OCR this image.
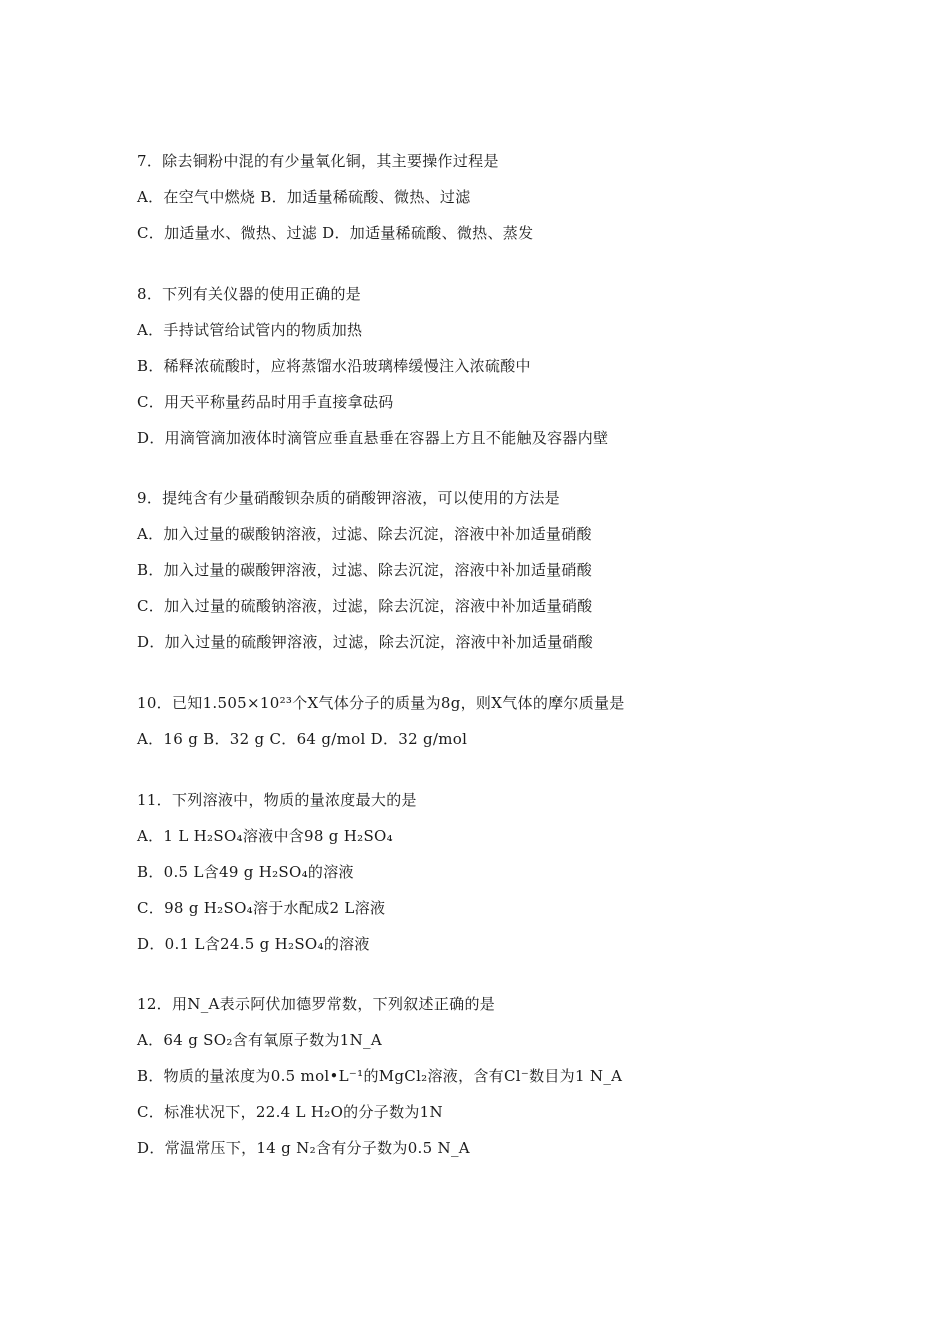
7．除去铜粉中混的有少量氧化铜，其主要操作过程是
A．在空气中燃烧 B．加适量稀硫酸、微热、过滤
C．加适量水、微热、过滤 D．加适量稀硫酸、微热、蒸发
8．下列有关仪器的使用正确的是
A．手持试管给试管内的物质加热
B．稀释浓硫酸时，应将蒸馏水沿玻璃棒缓慢注入浓硫酸中
C．用天平称量药品时用手直接拿砝码
D．用滴管滴加液体时滴管应垂直悬垂在容器上方且不能触及容器内壁
9．提纯含有少量硝酸钡杂质的硝酸钾溶液，可以使用的方法是
A．加入过量的碳酸钠溶液，过滤、除去沉淀，溶液中补加适量硝酸
B．加入过量的碳酸钾溶液，过滤、除去沉淀，溶液中补加适量硝酸
C．加入过量的硫酸钠溶液，过滤，除去沉淀，溶液中补加适量硝酸
D．加入过量的硫酸钾溶液，过滤，除去沉淀，溶液中补加适量硝酸
10．已知1.505×10²³个X气体分子的质量为8g，则X气体的摩尔质量是
A．16 g B．32 g C．64 g/mol D．32 g/mol
11．下列溶液中，物质的量浓度最大的是
A．1 L H₂SO₄溶液中含98 g H₂SO₄
B．0.5 L含49 g H₂SO₄的溶液
C．98 g H₂SO₄溶于水配成2 L溶液
D．0.1 L含24.5 g H₂SO₄的溶液
12．用N_A表示阿伏加德罗常数，下列叙述正确的是
A．64 g SO₂含有氧原子数为1N_A
B．物质的量浓度为0.5 mol•L⁻¹的MgCl₂溶液，含有Cl⁻数目为1 N_A
C．标准状况下，22.4 L H₂O的分子数为1N
D．常温常压下，14 g N₂含有分子数为0.5 N_A
